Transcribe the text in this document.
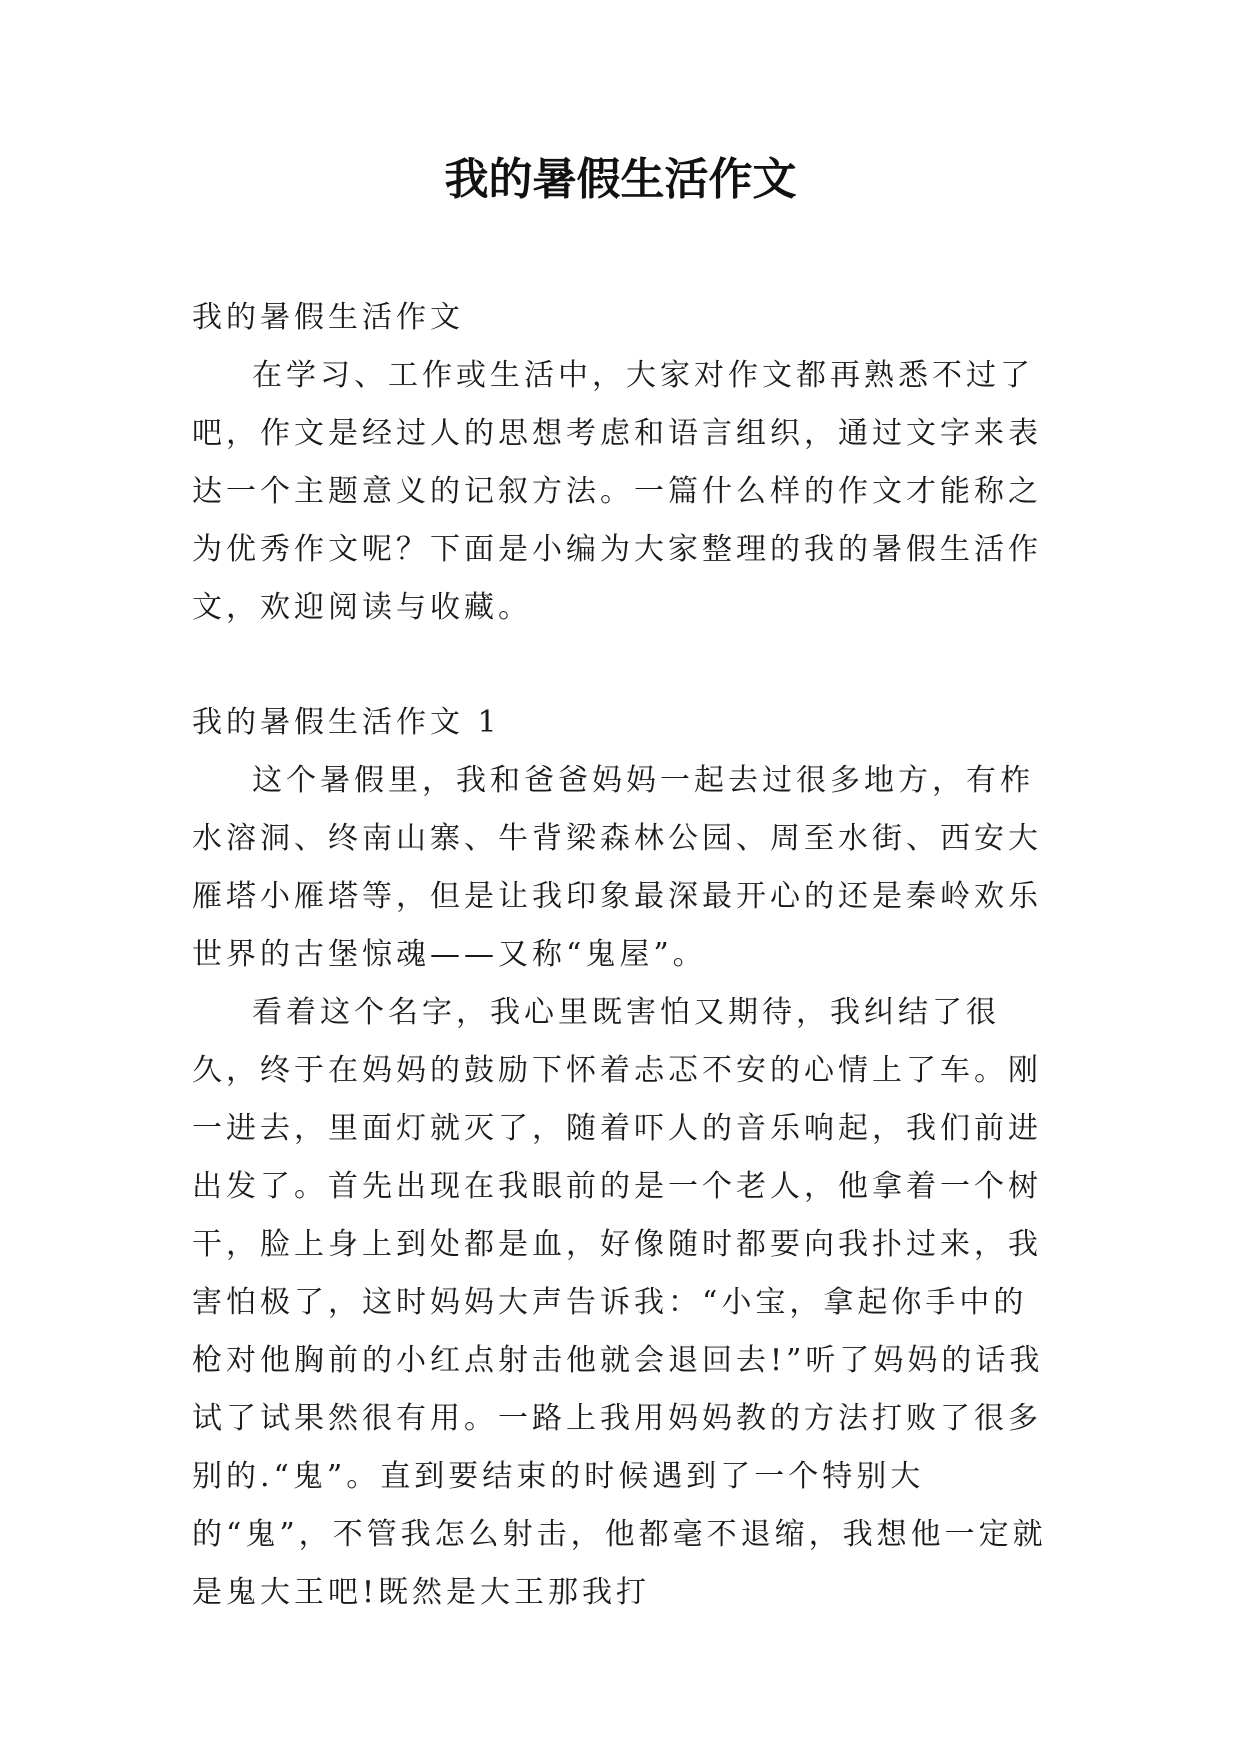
我的暑假生活作文

我的暑假生活作文

在学习、工作或生活中，大家对作文都再熟悉不过了吧，作文是经过人的思想考虑和语言组织，通过文字来表达一个主题意义的记叙方法。一篇什么样的作文才能称之为优秀作文呢？下面是小编为大家整理的我的暑假生活作文，欢迎阅读与收藏。

我的暑假生活作文 1

这个暑假里，我和爸爸妈妈一起去过很多地方，有柞水溶洞、终南山寨、牛背梁森林公园、周至水街、西安大雁塔小雁塔等，但是让我印象最深最开心的还是秦岭欢乐世界的古堡惊魂——又称“鬼屋”。

看着这个名字，我心里既害怕又期待，我纠结了很久，终于在妈妈的鼓励下怀着忐忑不安的心情上了车。刚一进去，里面灯就灭了，随着吓人的音乐响起，我们前进出发了。首先出现在我眼前的是一个老人，他拿着一个树干，脸上身上到处都是血，好像随时都要向我扑过来，我害怕极了，这时妈妈大声告诉我：“小宝，拿起你手中的枪对他胸前的小红点射击他就会退回去!”听了妈妈的话我试了试果然很有用。一路上我用妈妈教的方法打败了很多别的.“鬼”。直到要结束的时候遇到了一个特别大的“鬼”，不管我怎么射击，他都毫不退缩，我想他一定就是鬼大王吧!既然是大王那我打
